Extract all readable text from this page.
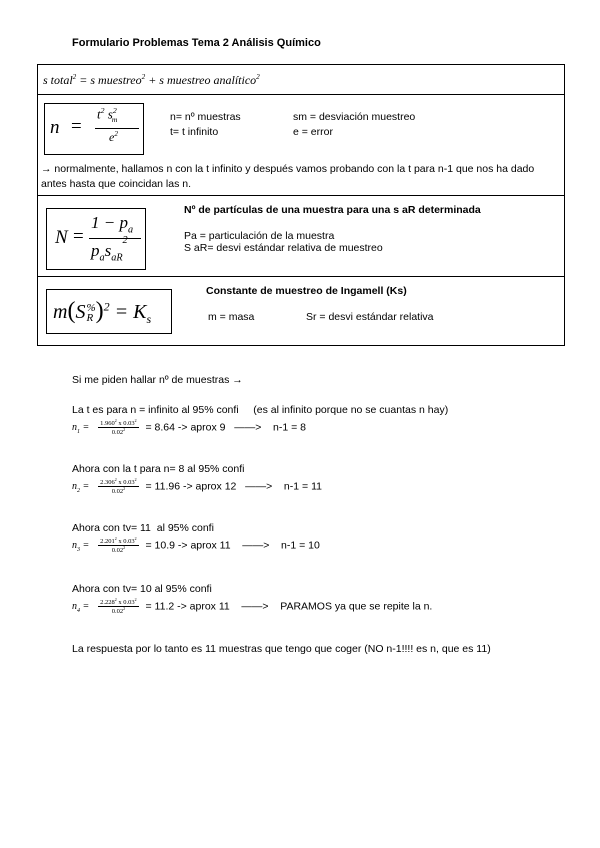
Formulario Problemas Tema 2 Análisis Químico
s total$^2$ = s muestreo$^2$ + s muestreo analítico$^2$
n =
$t^2$ $s^2_m$
$e^2$
n= nº muestras
t= t infinito
sm = desviación muestreo
e = error
→ normalmente, hallamos n con la t infinito y después vamos probando con la t para n-1 que nos ha dado antes hasta que coincidan las n.
N =
$1 - p_a$
$p_as_{aR}^2$
Nº de partículas de una muestra para una s aR determinada
Pa = particulación de la muestra
S aR= desvi estándar relativa de muestreo
m(S %
R )$^2 = K_s$
Constante de muestreo de Ingamell (Ks)
m = masa	Sr = desvi estándar relativa
Si me piden hallar nº de muestras →
La t es para n = infinito al 95% confi     (es al infinito porque no se cuantas n hay)
$n_1 = \frac{1.960^2 x 0.03^2}{0.02^2} = 8.64$ -> aprox 9   ——>    n-1 = 8
Ahora con la t para n= 8 al 95% confi
$n_2 = \frac{2.306^2 x 0.03^2}{0.02^2} = 11.96$ -> aprox 12   ——>    n-1 = 11
Ahora con tv= 11  al 95% confi
$n_3 = \frac{2.201^2 x 0.03^2}{0.02^2} = 10.9$ -> aprox 11    ——>    n-1 = 10
Ahora con tv= 10 al 95% confi
$n_4 = \frac{2.228^2 x 0.03^2}{0.02^2} = 11.2$ -> aprox 11    ——>    PARAMOS ya que se repite la n.
La respuesta por lo tanto es 11 muestras que tengo que coger (NO n-1!!!! es n, que es 11)
